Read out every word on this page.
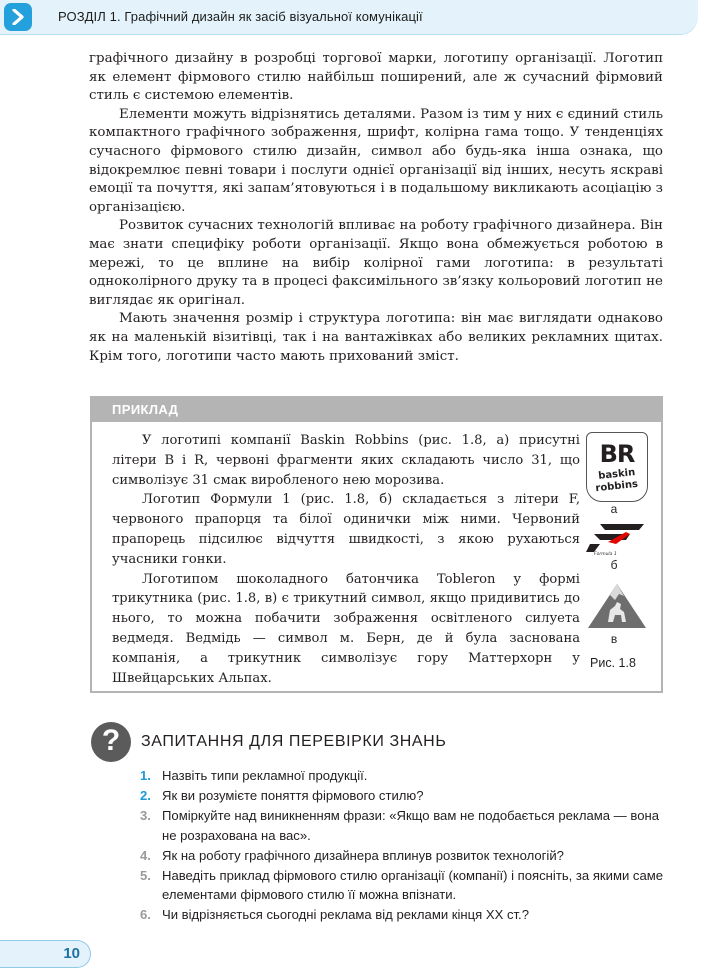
РОЗДІЛ 1. Графічний дизайн як засіб візуальної комунікації

графічного дизайну в розробці торгової марки, логотипу організації. Логотип як елемент фірмового стилю найбільш поширений, але ж сучасний фірмовий стиль є системою елементів.

Елементи можуть відрізнятись деталями. Разом із тим у них є єдиний стиль компактного графічного зображення, шрифт, колірна гама тощо. У тенденціях сучасного фірмового стилю дизайн, символ або будь-яка інша ознака, що відокремлює певні товари і послуги однієї організації від інших, несуть яскраві емоції та почуття, які запам’ятовуються і в подальшому викликають асоціацію з організацією.

Розвиток сучасних технологій впливає на роботу графічного дизайнера. Він має знати специфіку роботи організації. Якщо вона обмежується роботою в мережі, то це вплине на вибір колірної гами логотипа: в результаті одноколірного друку та в процесі факсимільного зв’язку кольоровий логотип не виглядає як оригінал.

Мають значення розмір і структура логотипа: він має виглядати однаково як на маленькій візитівці, так і на вантажівках або великих рекламних щитах. Крім того, логотипи часто мають прихований зміст.

ПРИКЛАД

У логотипі компанії Baskin Robbins (рис. 1.8, а) присутні літери В і R, червоні фрагменти яких складають число 31, що символізує 31 смак виробленого нею морозива.

Логотип Формули 1 (рис. 1.8, б) складається з літери F, червоного прапорця та білої одинички між ними. Червоний прапорець підсилює відчуття швидкості, з якою рухаються учасники гонки.

Логотипом шоколадного батончика Toblerоn у формі трикутника (рис. 1.8, в) є трикутний символ, якщо придивитись до нього, то можна побачити зображення освітленого силуета ведмедя. Ведмідь — символ м. Берн, де й була заснована компанія, а трикутник символізує гору Маттерхорн у Швейцарських Альпах.

BR
baskin
robbins
а
Formula 1
б
в
Рис. 1.8
?	ЗАПИТАННЯ ДЛЯ ПЕРЕВІРКИ ЗНАНЬ
1. Назвіть типи рекламної продукції.
2. Як ви розумієте поняття фірмового стилю?
3. Поміркуйте над виникненням фрази: «Якщо вам не подобається реклама — вона не розрахована на вас».
4. Як на роботу графічного дизайнера вплинув розвиток технологій?
5. Наведіть приклад фірмового стилю організації (компанії) і поясніть, за якими саме елементами фірмового стилю її можна впізнати.
6. Чи відрізняється сьогодні реклама від реклами кінця ХХ ст.?
10
